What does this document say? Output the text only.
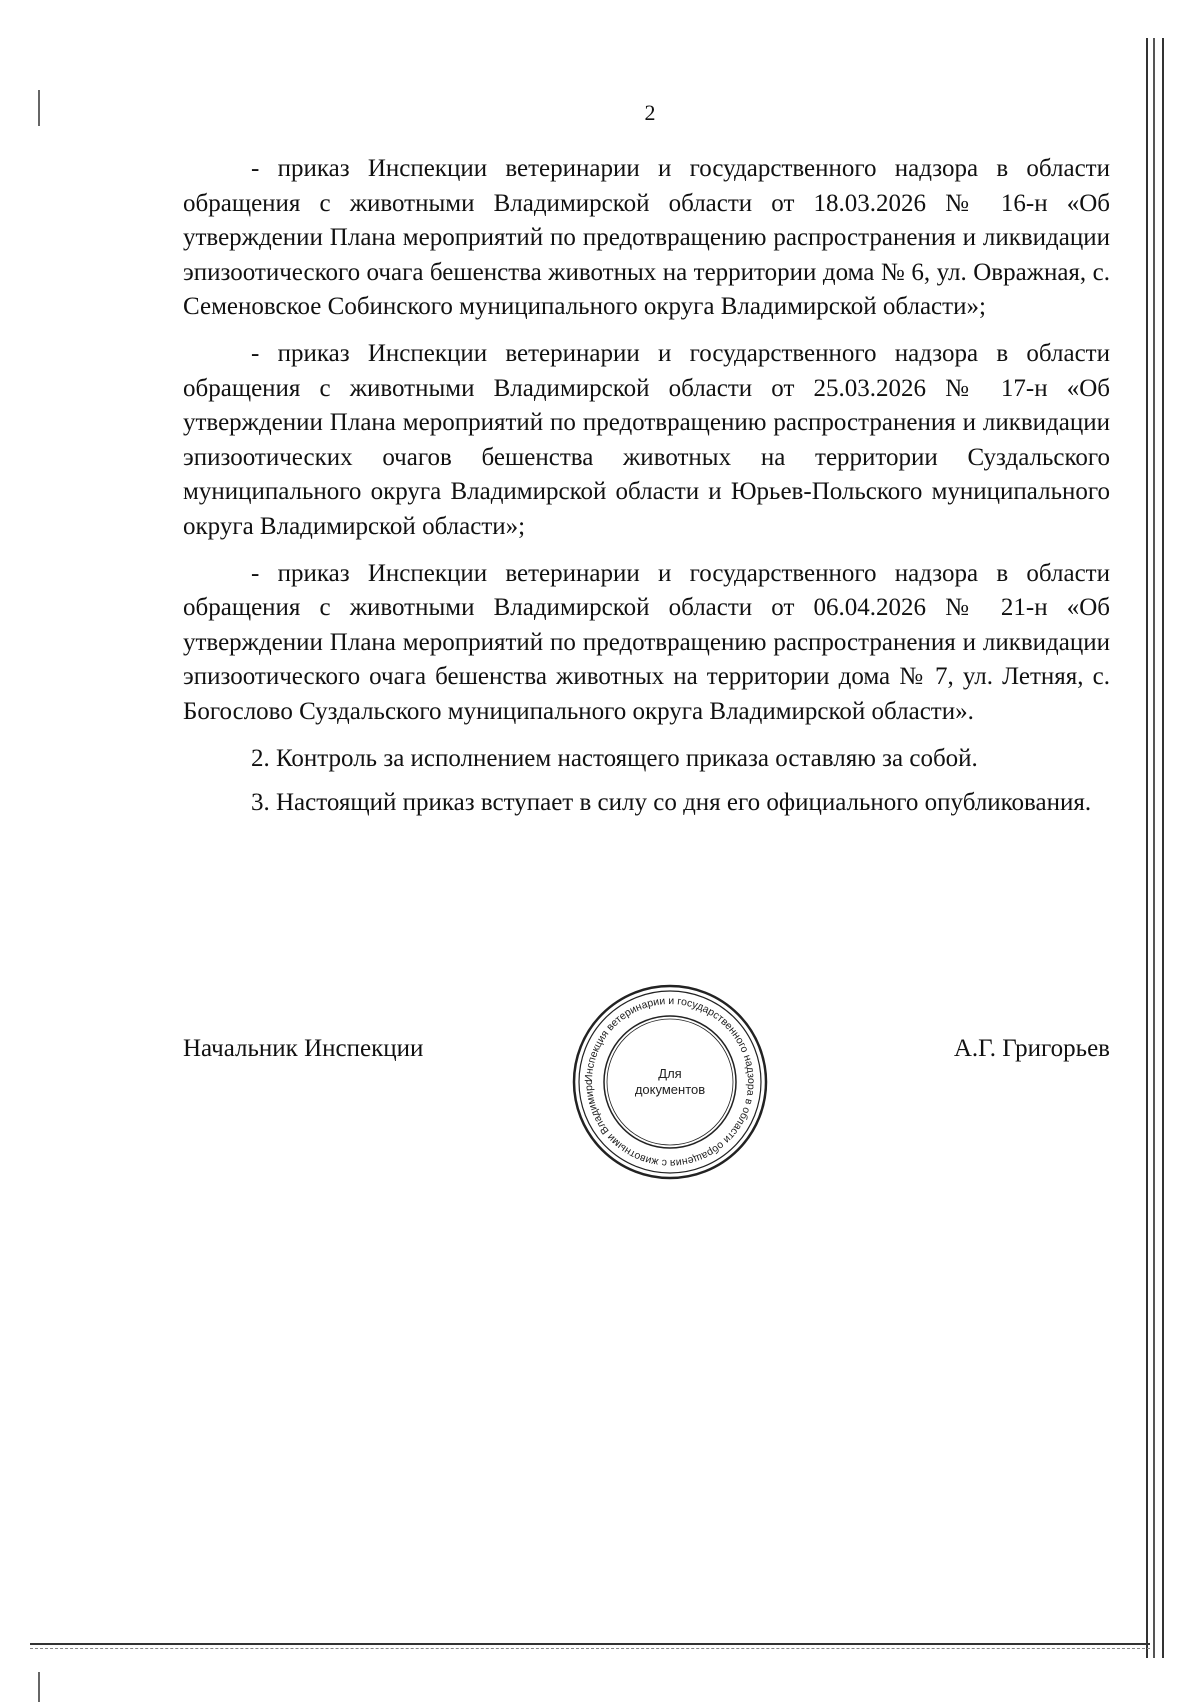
2

- приказ Инспекции ветеринарии и государственного надзора в области обращения с животными Владимирской области от 18.03.2026 № 16-н «Об утверждении Плана мероприятий по предотвращению распространения и ликвидации эпизоотического очага бешенства животных на территории дома № 6, ул. Овражная, с. Семеновское Собинского муниципального округа Владимирской области»;

- приказ Инспекции ветеринарии и государственного надзора в области обращения с животными Владимирской области от 25.03.2026 № 17-н «Об утверждении Плана мероприятий по предотвращению распространения и ликвидации эпизоотических очагов бешенства животных на территории Суздальского муниципального округа Владимирской области и Юрьев-Польского муниципального округа Владимирской области»;

- приказ Инспекции ветеринарии и государственного надзора в области обращения с животными Владимирской области от 06.04.2026 № 21-н «Об утверждении Плана мероприятий по предотвращению распространения и ликвидации эпизоотического очага бешенства животных на территории дома № 7, ул. Летняя, с. Богослово Суздальского муниципального округа Владимирской области».

2. Контроль за исполнением настоящего приказа оставляю за собой.

3. Настоящий приказ вступает в силу со дня его официального опубликования.

Начальник Инспекции	А.Г. Григорьев
Инспекция ветеринарии и государственного надзора в области обращения с животными Владимирс
Для
документов
